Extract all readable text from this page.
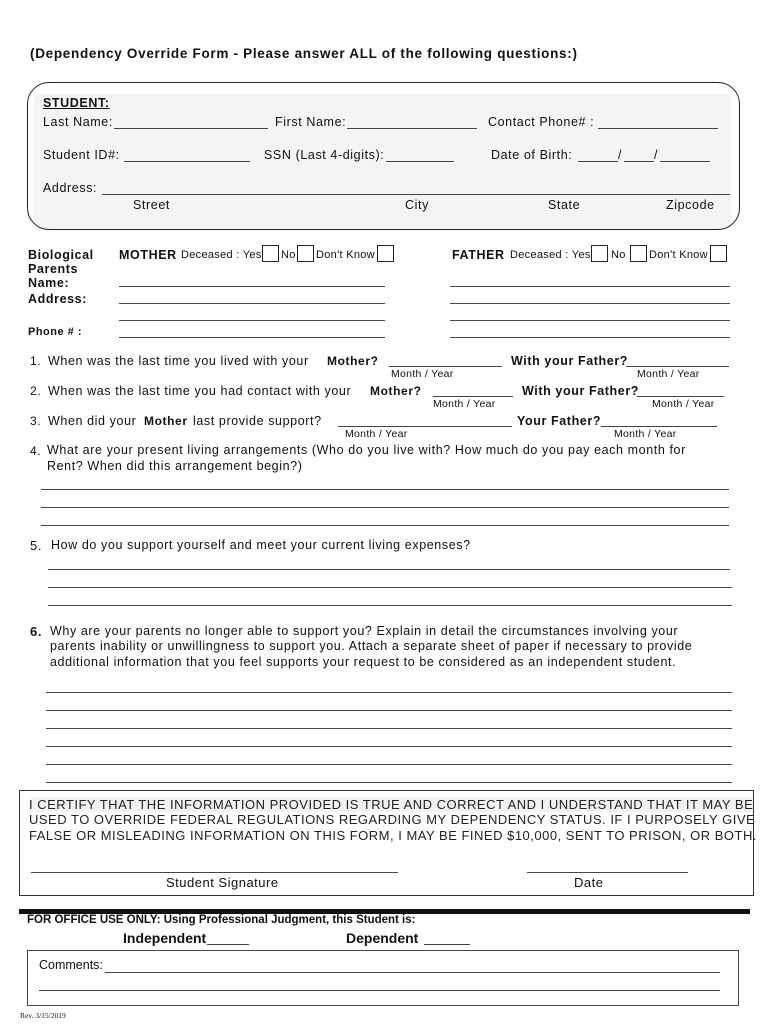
(Dependency Override Form - Please answer ALL of the following questions:)
STUDENT:
Last Name:	First Name:	Contact Phone# :
Student ID#:	SSN (Last 4-digits):	Date of Birth:	/	/
Address:
Street	City	State	Zipcode
Biological
Parents
Name:
Address:
Phone # :
MOTHER Deceased : Yes No Don't Know	FATHER Deceased : Yes No Don't Know
1. When was the last time you lived with your Mother?	With your Father?
Month / Year	Month / Year
2. When was the last time you had contact with your Mother?	With your Father?
Month / Year	Month / Year
3. When did your Mother last provide support?	Your Father?
Month / Year	Month / Year
4. What are your present living arrangements (Who do you live with? How much do you pay each month for
Rent? When did this arrangement begin?)
5. How do you support yourself and meet your current living expenses?
6. Why are your parents no longer able to support you? Explain in detail the circumstances involving your
parents inability or unwillingness to support you. Attach a separate sheet of paper if necessary to provide
additional information that you feel supports your request to be considered as an independent student.
I CERTIFY THAT THE INFORMATION PROVIDED IS TRUE AND CORRECT AND I UNDERSTAND THAT IT MAY BE
USED TO OVERRIDE FEDERAL REGULATIONS REGARDING MY DEPENDENCY STATUS. IF I PURPOSELY GIVE
FALSE OR MISLEADING INFORMATION ON THIS FORM, I MAY BE FINED $10,000, SENT TO PRISON, OR BOTH.
Student Signature	Date
FOR OFFICE USE ONLY: Using Professional Judgment, this Student is:
Independent	Dependent
Comments:
Rev. 3/15/2019
